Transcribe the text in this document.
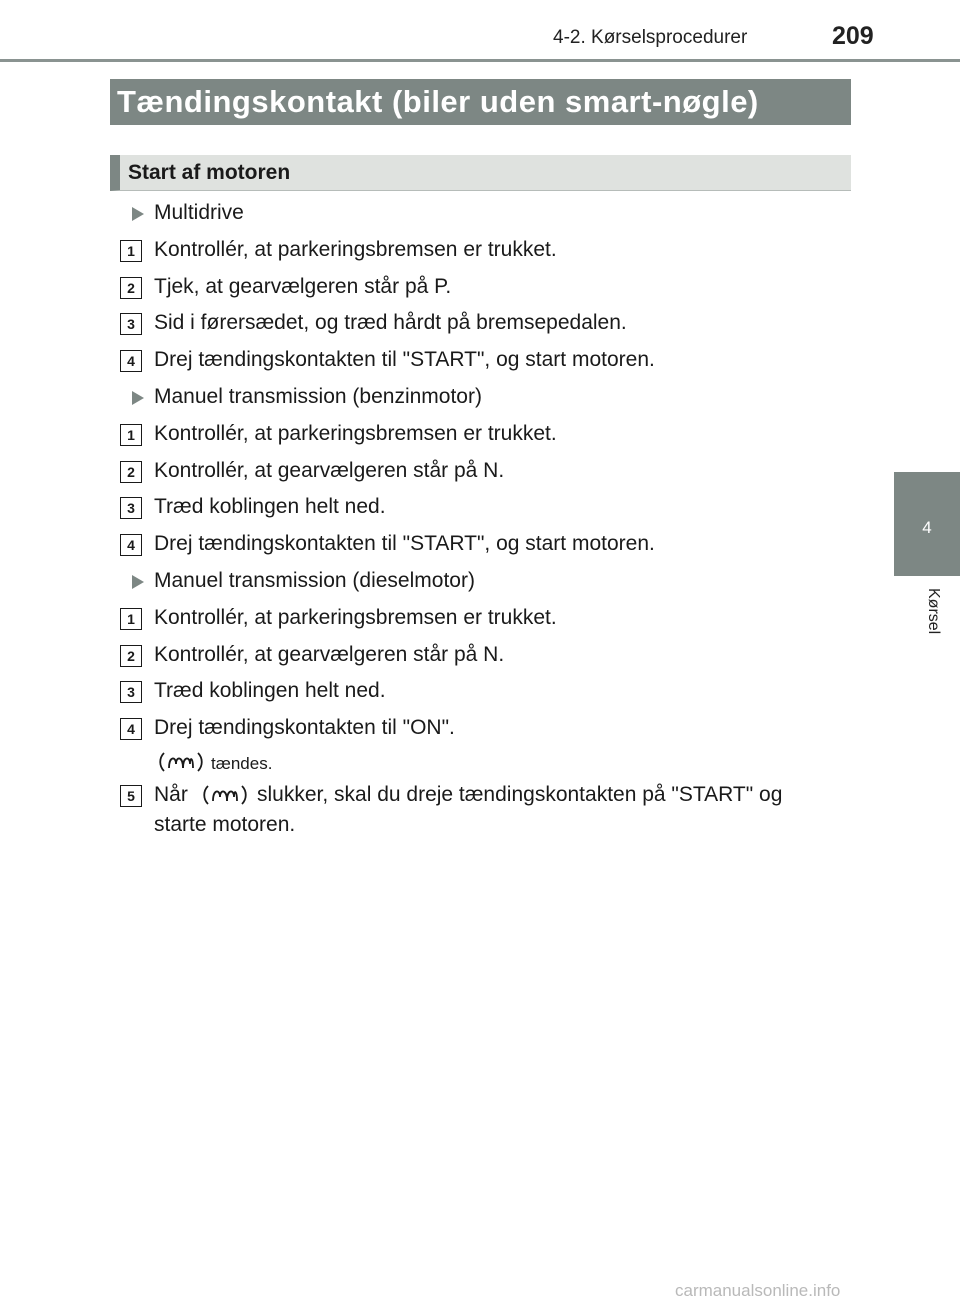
4-2. Kørselsprocedurer	209
Tændingskontakt (biler uden smart-nøgle)
Start af motoren
4
Kørsel
Multidrive
1 Kontrollér, at parkeringsbremsen er trukket.
2 Tjek, at gearvælgeren står på P.
3 Sid i førersædet, og træd hårdt på bremsepedalen.
4 Drej tændingskontakten til "START", og start motoren.
Manuel transmission (benzinmotor)
1 Kontrollér, at parkeringsbremsen er trukket.
2 Kontrollér, at gearvælgeren står på N.
3 Træd koblingen helt ned.
4 Drej tændingskontakten til "START", og start motoren.
Manuel transmission (dieselmotor)
1 Kontrollér, at parkeringsbremsen er trukket.
2 Kontrollér, at gearvælgeren står på N.
3 Træd koblingen helt ned.
4 Drej tændingskontakten til "ON".
tændes.
5 Når	slukker, skal du dreje tændingskontakten på "START" og
starte motoren.
carmanualsonline.info
